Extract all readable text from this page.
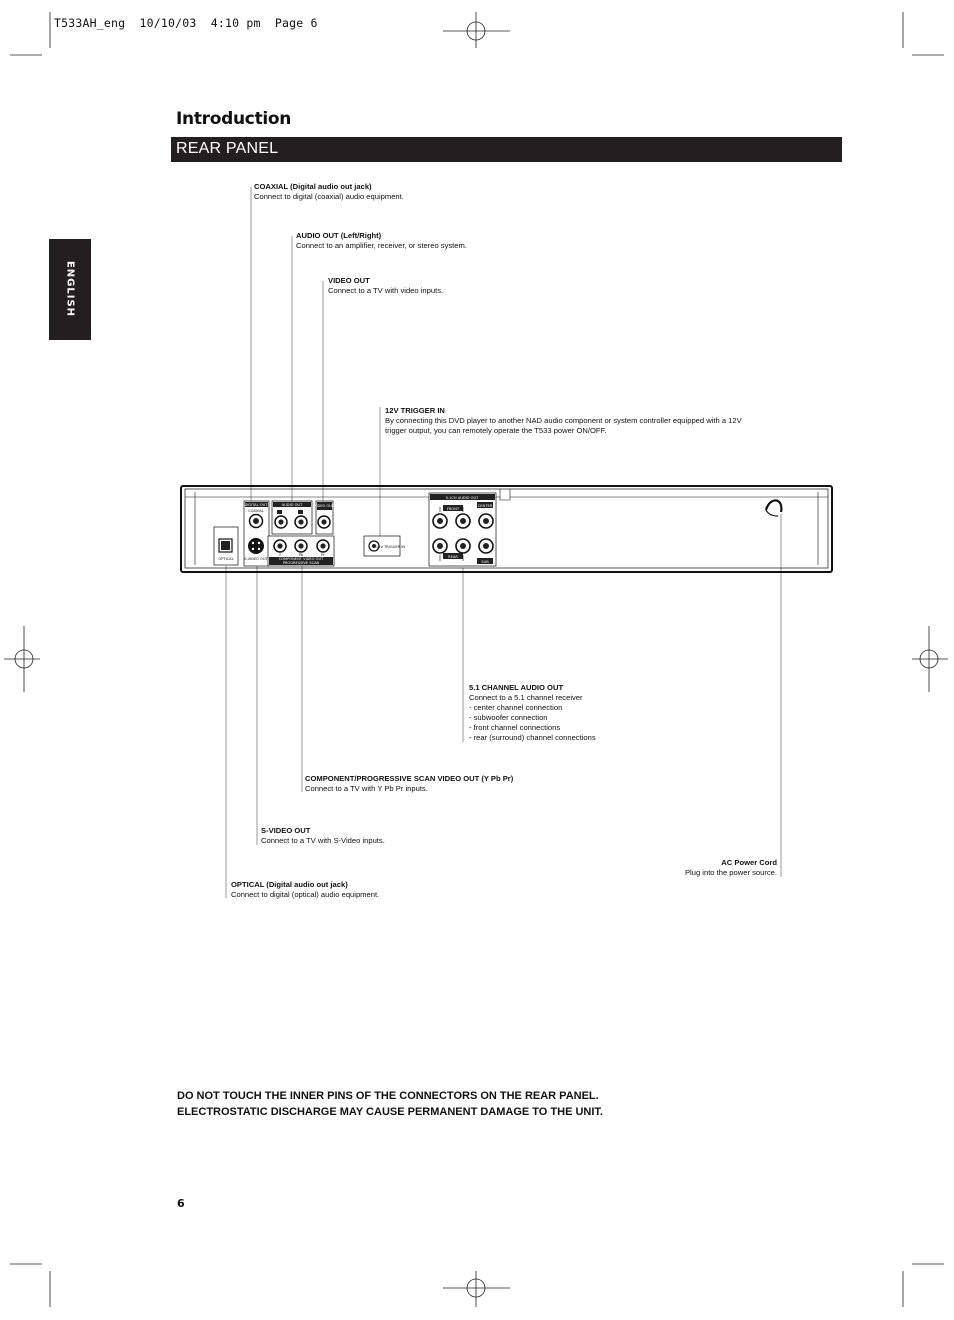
T533AH_eng  10/10/03  4:10 pm  Page 6
Introduction
REAR PANEL
ENGLISH
DIGITAL OUT
COAXIAL
AUDIO OUT	VIDEO OUT
OPTICAL	S-VIDEO OUT	COMPONENT VIDEO OUT
PROGRESSIVE SCAN
Y	Pb	Pr
+12V TRIGGER IN
5.1CH AUDIO OUT
FRONT
CENTER
REAR
SUB
COAXIAL (Digital audio out jack)
Connect to digital (coaxial) audio equipment.
AUDIO OUT (Left/Right)
Connect to an amplifier, receiver, or stereo system.
VIDEO OUT
Connect to a TV with video inputs.
12V TRIGGER IN
By connecting this DVD player to another NAD audio component or system controller equipped with a 12V
trigger output, you can remotely operate the T533 power ON/OFF.
5.1 CHANNEL AUDIO OUT
Connect to a 5.1 channel receiver
- center channel connection
- subwoofer connection
- front channel connections
- rear (surround) channel connections
COMPONENT/PROGRESSIVE SCAN VIDEO OUT (Y Pb Pr)
Connect to a TV with Y Pb Pr inputs.
S-VIDEO OUT
Connect to a TV with S-Video inputs.
AC Power Cord
Plug into the power source.
OPTICAL (Digital audio out jack)
Connect to digital (optical) audio equipment.
DO NOT TOUCH THE INNER PINS OF THE CONNECTORS ON THE REAR PANEL.
ELECTROSTATIC DISCHARGE MAY CAUSE PERMANENT DAMAGE TO THE UNIT.
6
